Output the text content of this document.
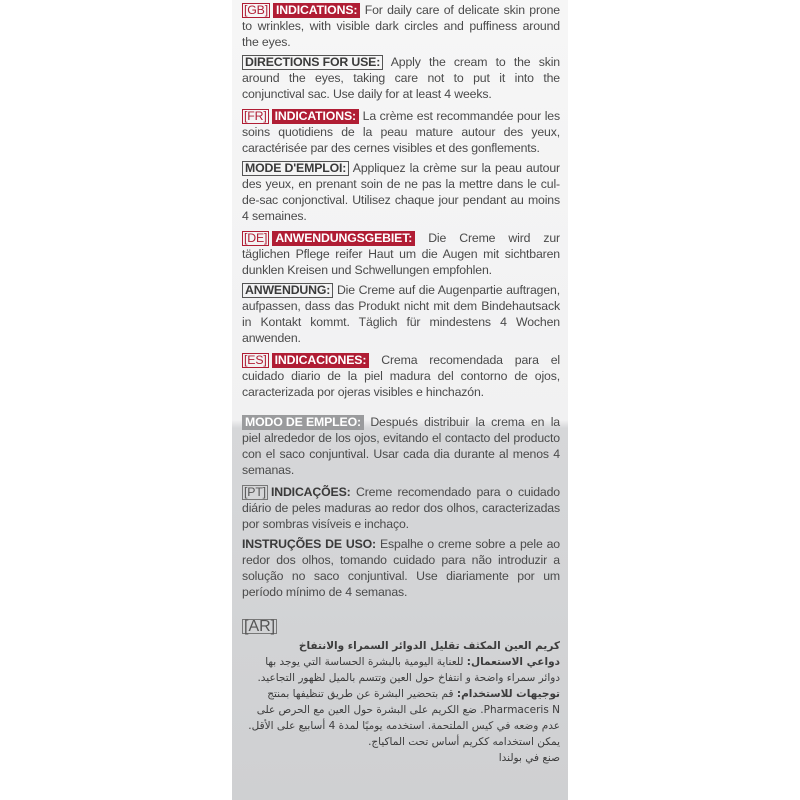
[GB] INDICATIONS: For daily care of delicate skin prone to wrinkles, with visible dark circles and puffiness around the eyes.

DIRECTIONS FOR USE: Apply the cream to the skin around the eyes, taking care not to put it into the conjunctival sac. Use daily for at least 4 weeks.

[FR] INDICATIONS: La crème est recommandée pour les soins quotidiens de la peau mature autour des yeux, caractérisée par des cernes visibles et des gonflements.

MODE D'EMPLOI: Appliquez la crème sur la peau autour des yeux, en prenant soin de ne pas la mettre dans le cul-de-sac conjonctival. Utilisez chaque jour pendant au moins 4 semaines.

[DE] ANWENDUNGSGEBIET: Die Creme wird zur täglichen Pflege reifer Haut um die Augen mit sichtbaren dunklen Kreisen und Schwellungen empfohlen.

ANWENDUNG: Die Creme auf die Augenpartie auftragen, aufpassen, dass das Produkt nicht mit dem Bindehautsack in Kontakt kommt. Täglich für mindestens 4 Wochen anwenden.

[ES] INDICACIONES: Crema recomendada para el cuidado diario de la piel madura del contorno de ojos, caracterizada por ojeras visibles e hinchazón.

MODO DE EMPLEO: Después distribuir la crema en la piel alrededor de los ojos, evitando el contacto del producto con el saco conjuntival. Usar cada dia durante al menos 4 semanas.

[PT] INDICAÇÕES: Creme recomendado para o cuidado diário de peles maduras ao redor dos olhos, caracterizadas por sombras visíveis e inchaço.

INSTRUÇÕES DE USO: Espalhe o creme sobre a pele ao redor dos olhos, tomando cuidado para não introduzir a solução no saco conjuntival. Use diariamente por um período mínimo de 4 semanas.

[AR]
كريم العين المكثف تقليل الدوائر السمراء والانتفاخ
دواعي الاستعمال: للعناية اليومية بالبشرة الحساسة التي يوجد بها دوائر سمراء واضحة و انتفاخ حول العين وتتسم بالميل لظهور التجاعيد.
توجيهات للاستخدام: قم بتحضير البشرة عن طريق تنظيفها بمنتج Pharmaceris N. ضع الكريم على البشرة حول العين مع الحرص على عدم وضعه في كيس الملتحمة. استخدمه يوميًا لمدة 4 أسابيع على الأقل. يمكن استخدامه ككريم أساس تحت الماكياج.
صنع في بولندا
